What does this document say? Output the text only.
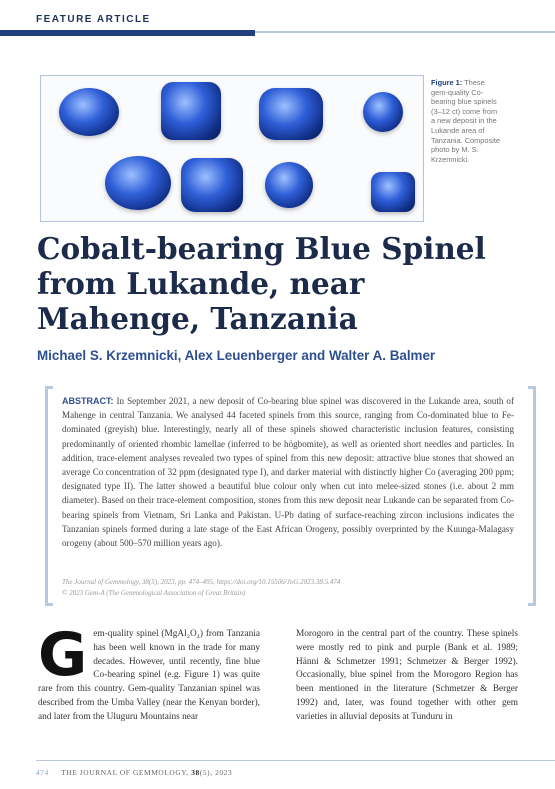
FEATURE ARTICLE
Figure 1: These gem-quality Co-bearing blue spinels (3–12 ct) come from a new deposit in the Lukande area of Tanzania. Composite photo by M. S. Krzemnicki.
Cobalt-bearing Blue Spinel from Lukande, near Mahenge, Tanzania
Michael S. Krzemnicki, Alex Leuenberger and Walter A. Balmer

ABSTRACT: In September 2021, a new deposit of Co-bearing blue spinel was discovered in the Lukande area, south of Mahenge in central Tanzania. We analysed 44 faceted spinels from this source, ranging from Co-dominated blue to Fe-dominated (greyish) blue. Interestingly, nearly all of these spinels showed characteristic inclusion features, consisting predominantly of oriented rhombic lamellae (inferred to be högbomite), as well as oriented short needles and particles. In addition, trace-element analyses revealed two types of spinel from this new deposit: attractive blue stones that showed an average Co concentration of 32 ppm (designated type I), and darker material with distinctly higher Co (averaging 200 ppm; designated type II). The latter showed a beautiful blue colour only when cut into melee-sized stones (i.e. about 2 mm diameter). Based on their trace-element composition, stones from this new deposit near Lukande can be separated from Co-bearing spinels from Vietnam, Sri Lanka and Pakistan. U-Pb dating of surface-reaching zircon inclusions indicates the Tanzanian spinels formed during a late stage of the East African Orogeny, possibly overprinted by the Kuunga-Malagasy orogeny (about 500–570 million years ago).

The Journal of Gemmology, 38(5), 2023, pp. 474–495, https://doi.org/10.15506/JoG.2023.38.5.474
© 2023 Gem-A (The Gemmological Association of Great Britain)
G em-quality spinel (MgAl₂O₄) from Tanzania has been well known in the trade for many decades. However, until recently, fine blue Co-bearing spinel (e.g. Figure 1) was quite rare from this country. Gem-quality Tanzanian spinel was described from the Umba Valley (near the Kenyan border), and later from the Uluguru Mountains near
Morogoro in the central part of the country. These spinels were mostly red to pink and purple (Bank et al. 1989; Hänni & Schmetzer 1991; Schmetzer & Berger 1992). Occasionally, blue spinel from the Morogoro Region has been mentioned in the literature (Schmetzer & Berger 1992) and, later, was found together with other gem varieties in alluvial deposits at Tunduru in
474 THE JOURNAL OF GEMMOLOGY, 38(5), 2023
